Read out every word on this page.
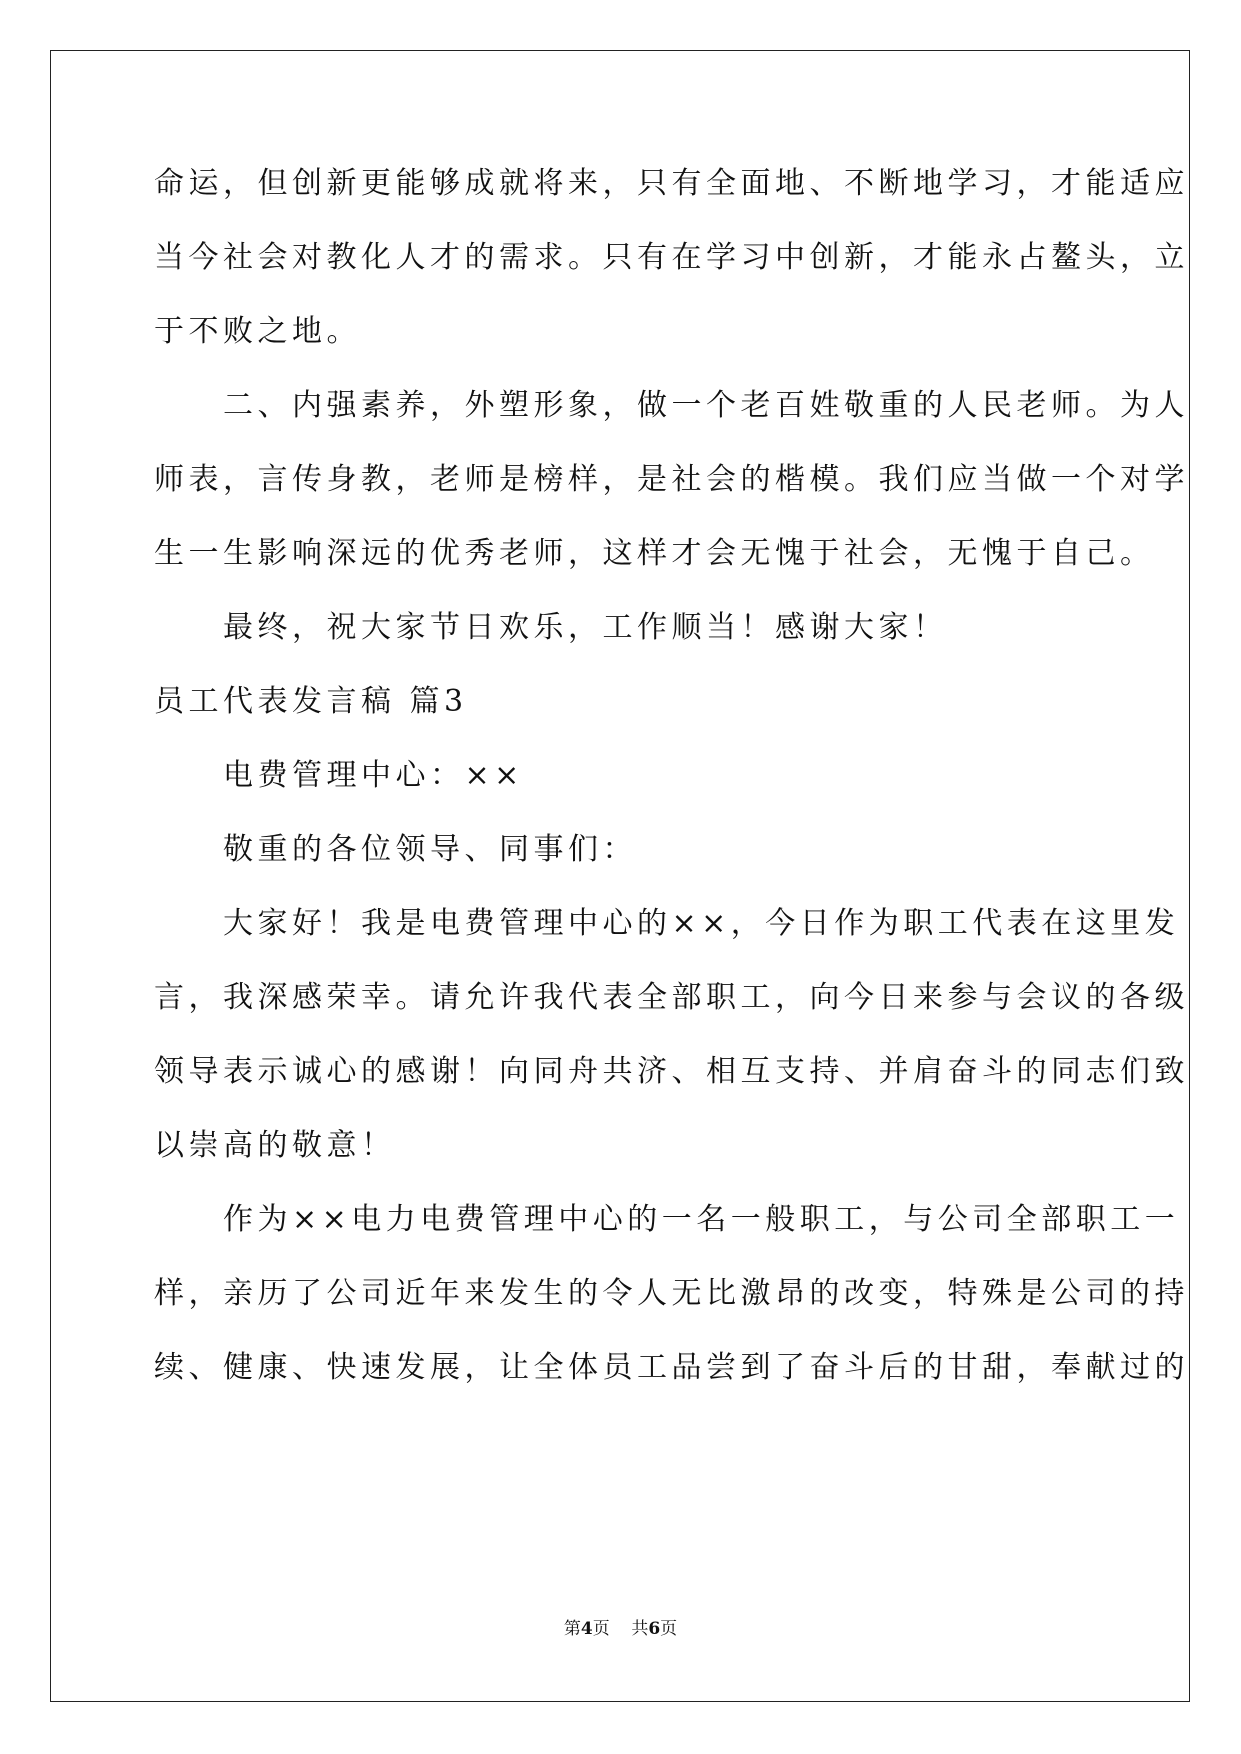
命运，但创新更能够成就将来，只有全面地、不断地学习，才能适应
当今社会对教化人才的需求。只有在学习中创新，才能永占鳌头，立
于不败之地。
　　二、内强素养，外塑形象，做一个老百姓敬重的人民老师。为人
师表，言传身教，老师是榜样，是社会的楷模。我们应当做一个对学
生一生影响深远的优秀老师，这样才会无愧于社会，无愧于自己。
　　最终，祝大家节日欢乐，工作顺当！感谢大家！
员工代表发言稿 篇3
　　电费管理中心：××
　　敬重的各位领导、同事们：
　　大家好！我是电费管理中心的××，今日作为职工代表在这里发
言，我深感荣幸。请允许我代表全部职工，向今日来参与会议的各级
领导表示诚心的感谢！向同舟共济、相互支持、并肩奋斗的同志们致
以崇高的敬意！
　　作为××电力电费管理中心的一名一般职工，与公司全部职工一
样，亲历了公司近年来发生的令人无比激昂的改变，特殊是公司的持
续、健康、快速发展，让全体员工品尝到了奋斗后的甘甜，奉献过的
第4页 共6页
